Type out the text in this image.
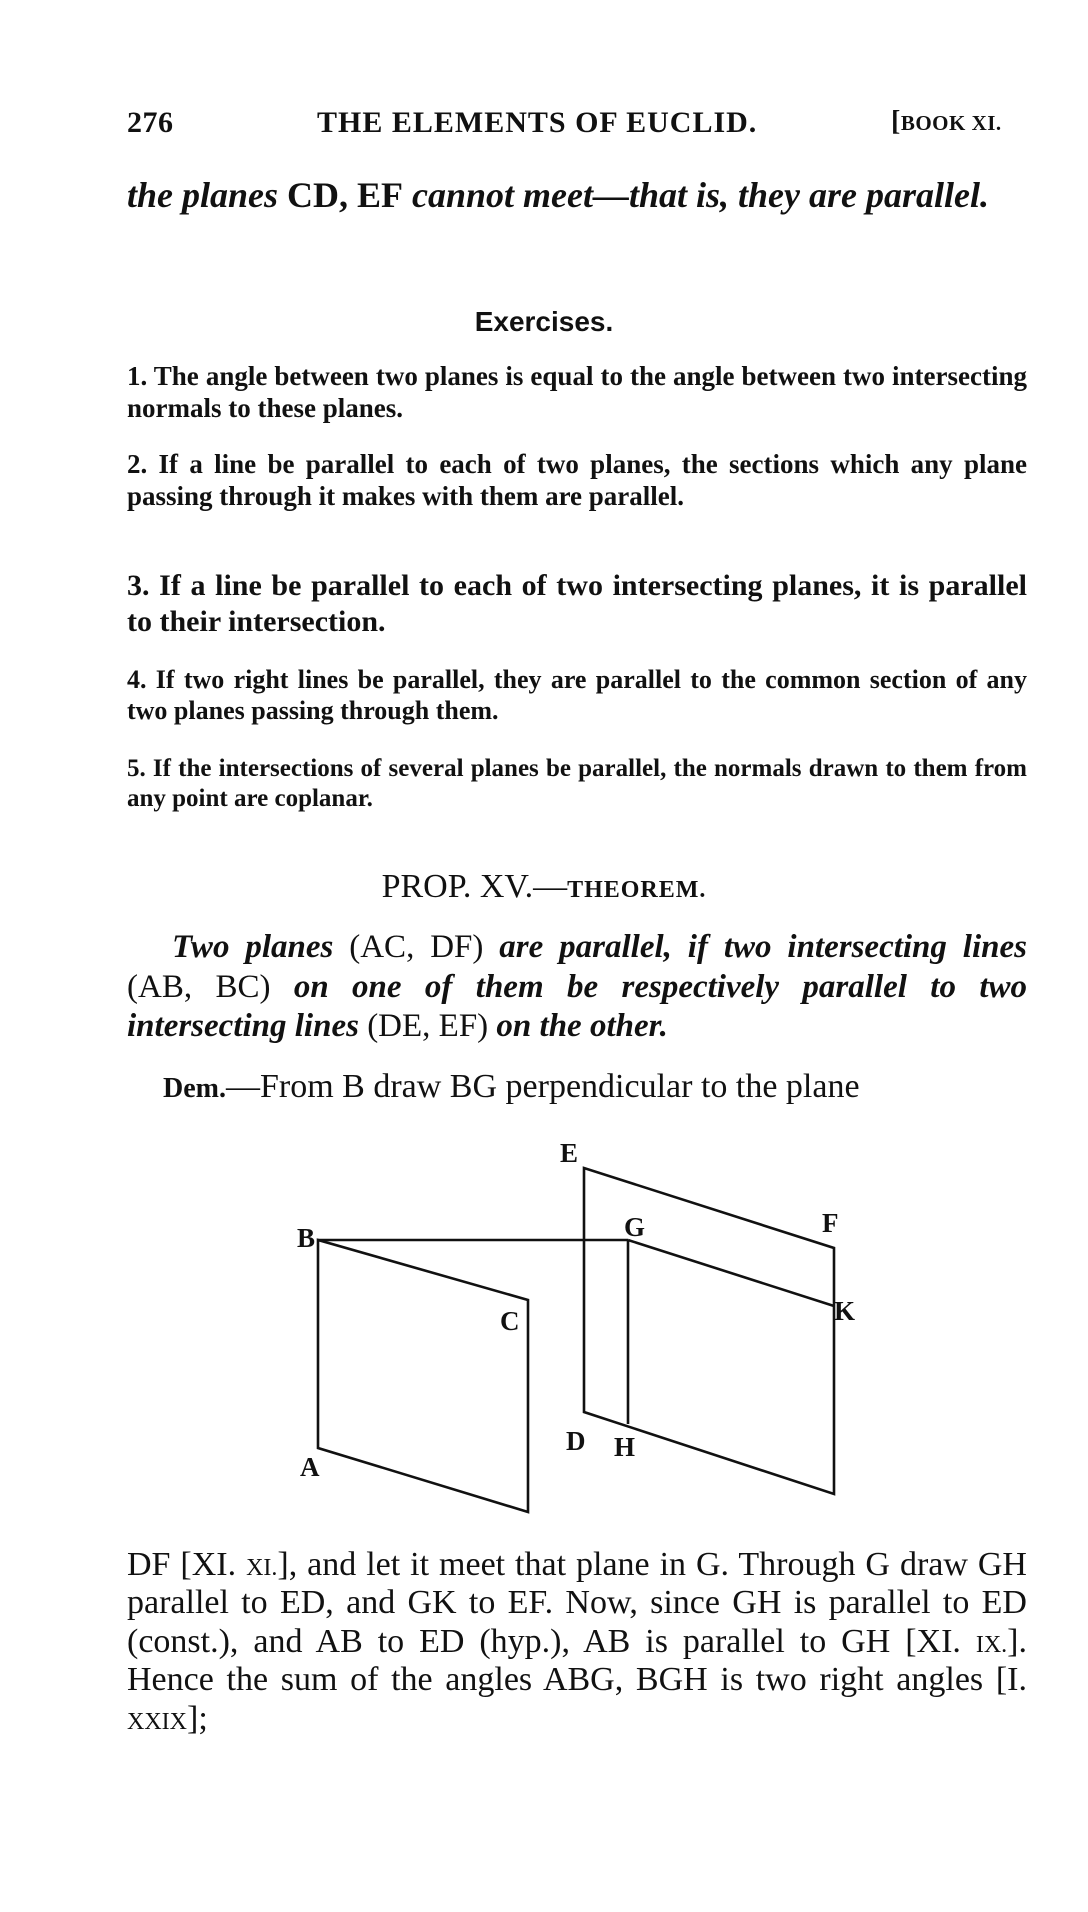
276	THE ELEMENTS OF EUCLID.	[BOOK XI.

the planes CD, EF cannot meet—that is, they are parallel.

Exercises.

1. The angle between two planes is equal to the angle between two intersecting normals to these planes.

2. If a line be parallel to each of two planes, the sections which any plane passing through it makes with them are parallel.

3. If a line be parallel to each of two intersecting planes, it is parallel to their intersection.

4. If two right lines be parallel, they are parallel to the common section of any two planes passing through them.

5. If the intersections of several planes be parallel, the normals drawn to them from any point are coplanar.

PROP. XV.—THEOREM.

Two planes (AC, DF) are parallel, if two intersecting lines (AB, BC) on one of them be respectively parallel to two intersecting lines (DE, EF) on the other.

Dem.—From B draw BG perpendicular to the plane

B
C
A
E
G	F
K
D H

DF [XI. XI.], and let it meet that plane in G. Through G draw GH parallel to ED, and GK to EF. Now, since GH is parallel to ED (const.), and AB to ED (hyp.), AB is parallel to GH [XI. IX.]. Hence the sum of the angles ABG, BGH is two right angles [I. XXIX];
